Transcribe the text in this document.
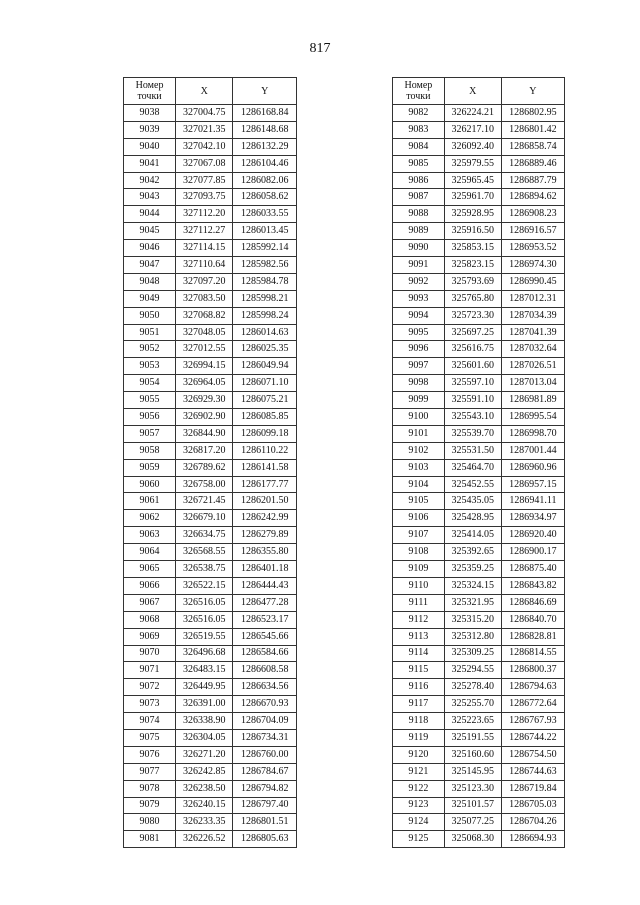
817
Номер
точки	X	Y
9038	327004.75	1286168.84
9039	327021.35	1286148.68
9040	327042.10	1286132.29
9041	327067.08	1286104.46
9042	327077.85	1286082.06
9043	327093.75	1286058.62
9044	327112.20	1286033.55
9045	327112.27	1286013.45
9046	327114.15	1285992.14
9047	327110.64	1285982.56
9048	327097.20	1285984.78
9049	327083.50	1285998.21
9050	327068.82	1285998.24
9051	327048.05	1286014.63
9052	327012.55	1286025.35
9053	326994.15	1286049.94
9054	326964.05	1286071.10
9055	326929.30	1286075.21
9056	326902.90	1286085.85
9057	326844.90	1286099.18
9058	326817.20	1286110.22
9059	326789.62	1286141.58
9060	326758.00	1286177.77
9061	326721.45	1286201.50
9062	326679.10	1286242.99
9063	326634.75	1286279.89
9064	326568.55	1286355.80
9065	326538.75	1286401.18
9066	326522.15	1286444.43
9067	326516.05	1286477.28
9068	326516.05	1286523.17
9069	326519.55	1286545.66
9070	326496.68	1286584.66
9071	326483.15	1286608.58
9072	326449.95	1286634.56
9073	326391.00	1286670.93
9074	326338.90	1286704.09
9075	326304.05	1286734.31
9076	326271.20	1286760.00
9077	326242.85	1286784.67
9078	326238.50	1286794.82
9079	326240.15	1286797.40
9080	326233.35	1286801.51
9081	326226.52	1286805.63
Номер
точки	X	Y
9082	326224.21	1286802.95
9083	326217.10	1286801.42
9084	326092.40	1286858.74
9085	325979.55	1286889.46
9086	325965.45	1286887.79
9087	325961.70	1286894.62
9088	325928.95	1286908.23
9089	325916.50	1286916.57
9090	325853.15	1286953.52
9091	325823.15	1286974.30
9092	325793.69	1286990.45
9093	325765.80	1287012.31
9094	325723.30	1287034.39
9095	325697.25	1287041.39
9096	325616.75	1287032.64
9097	325601.60	1287026.51
9098	325597.10	1287013.04
9099	325591.10	1286981.89
9100	325543.10	1286995.54
9101	325539.70	1286998.70
9102	325531.50	1287001.44
9103	325464.70	1286960.96
9104	325452.55	1286957.15
9105	325435.05	1286941.11
9106	325428.95	1286934.97
9107	325414.05	1286920.40
9108	325392.65	1286900.17
9109	325359.25	1286875.40
9110	325324.15	1286843.82
9111	325321.95	1286846.69
9112	325315.20	1286840.70
9113	325312.80	1286828.81
9114	325309.25	1286814.55
9115	325294.55	1286800.37
9116	325278.40	1286794.63
9117	325255.70	1286772.64
9118	325223.65	1286767.93
9119	325191.55	1286744.22
9120	325160.60	1286754.50
9121	325145.95	1286744.63
9122	325123.30	1286719.84
9123	325101.57	1286705.03
9124	325077.25	1286704.26
9125	325068.30	1286694.93
